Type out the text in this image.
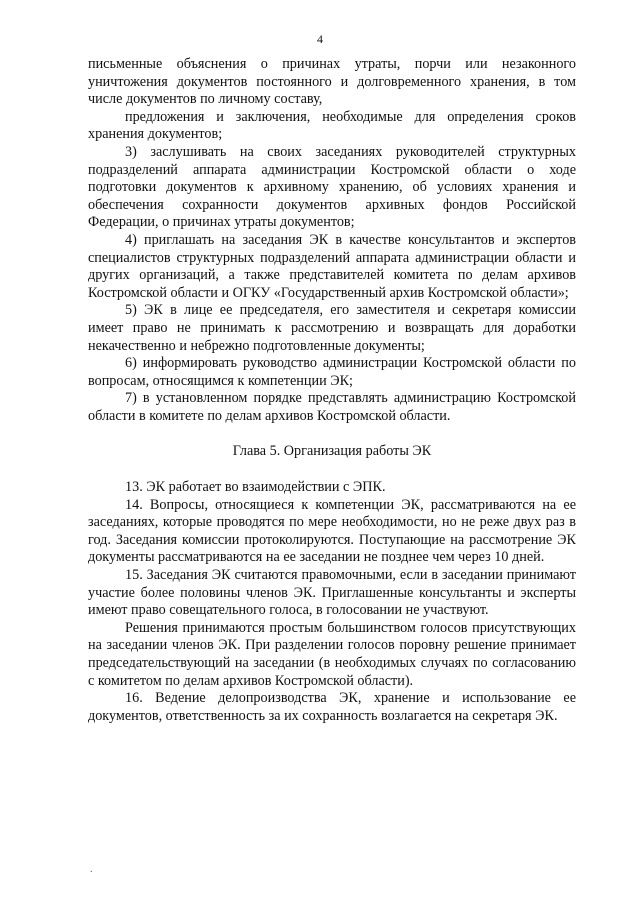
4

письменные объяснения о причинах утраты, порчи или незаконного уничтожения документов постоянного и долговременного хранения, в том числе документов по личному составу,

предложения и заключения, необходимые для определения сроков хранения документов;

3) заслушивать на своих заседаниях руководителей структурных подразделений аппарата администрации Костромской области о ходе подготовки документов к архивному хранению, об условиях хранения и обеспечения сохранности документов архивных фондов Российской Федерации, о причинах утраты документов;

4) приглашать на заседания ЭК в качестве консультантов и экспертов специалистов структурных подразделений аппарата администрации области и других организаций, а также представителей комитета по делам архивов Костромской области и ОГКУ «Государственный архив Костромской области»;

5) ЭК в лице ее председателя, его заместителя и секретаря комиссии имеет право не принимать к рассмотрению и возвращать для доработки некачественно и небрежно подготовленные документы;

6) информировать руководство администрации Костромской области по вопросам, относящимся к компетенции ЭК;

7) в установленном порядке представлять администрацию Костромской области в комитете по делам архивов Костромской области.

Глава 5. Организация работы ЭК

13. ЭК работает во взаимодействии с ЭПК.

14. Вопросы, относящиеся к компетенции ЭК, рассматриваются на ее заседаниях, которые проводятся по мере необходимости, но не реже двух раз в год. Заседания комиссии протоколируются. Поступающие на рассмотрение ЭК документы рассматриваются на ее заседании не позднее чем через 10 дней.

15. Заседания ЭК считаются правомочными, если в заседании принимают участие более половины членов ЭК. Приглашенные консультанты и эксперты имеют право совещательного голоса, в голосовании не участвуют.

Решения принимаются простым большинством голосов присутствующих на заседании членов ЭК. При разделении голосов поровну решение принимает председательствующий на заседании (в необходимых случаях по согласованию с комитетом по делам архивов Костромской области).

16. Ведение делопроизводства ЭК, хранение и использование ее документов, ответственность за их сохранность возлагается на секретаря ЭК.

.
